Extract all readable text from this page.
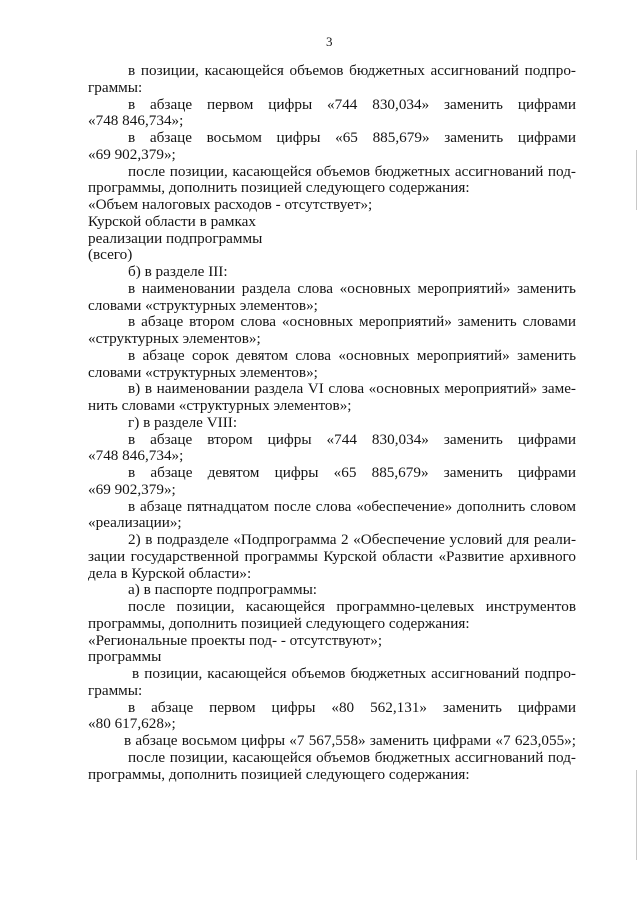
3
в позиции, касающейся объемов бюджетных ассигнований подпро-
граммы:
в абзаце первом цифры «744 830,034» заменить цифрами
«748 846,734»;
в абзаце восьмом цифры «65 885,679» заменить цифрами
«69 902,379»;
после позиции, касающейся объемов бюджетных ассигнований под-
программы, дополнить позицией следующего содержания:
«Объем налоговых расходов - отсутствует»;
Курской области в рамках
реализации подпрограммы
(всего)
б) в разделе III:
в наименовании раздела слова «основных мероприятий» заменить
словами «структурных элементов»;
в абзаце втором слова «основных мероприятий» заменить словами
«структурных элементов»;
в абзаце сорок девятом слова «основных мероприятий» заменить
словами «структурных элементов»;
в) в наименовании раздела VI слова «основных мероприятий» заме-
нить словами «структурных элементов»;
г) в разделе VIII:
в абзаце втором цифры «744 830,034» заменить цифрами
«748 846,734»;
в абзаце девятом цифры «65 885,679» заменить цифрами
«69 902,379»;
в абзаце пятнадцатом после слова «обеспечение» дополнить словом
«реализации»;
2) в подразделе «Подпрограмма 2 «Обеспечение условий для реали-
зации государственной программы Курской области «Развитие архивного
дела в Курской области»:
а) в паспорте подпрограммы:
после позиции, касающейся программно-целевых инструментов
программы, дополнить позицией следующего содержания:
«Региональные проекты под- - отсутствуют»;
программы
в позиции, касающейся объемов бюджетных ассигнований подпро-
граммы:
в абзаце первом цифры «80 562,131» заменить цифрами
«80 617,628»;
в абзаце восьмом цифры «7 567,558» заменить цифрами «7 623,055»;
после позиции, касающейся объемов бюджетных ассигнований под-
программы, дополнить позицией следующего содержания:
